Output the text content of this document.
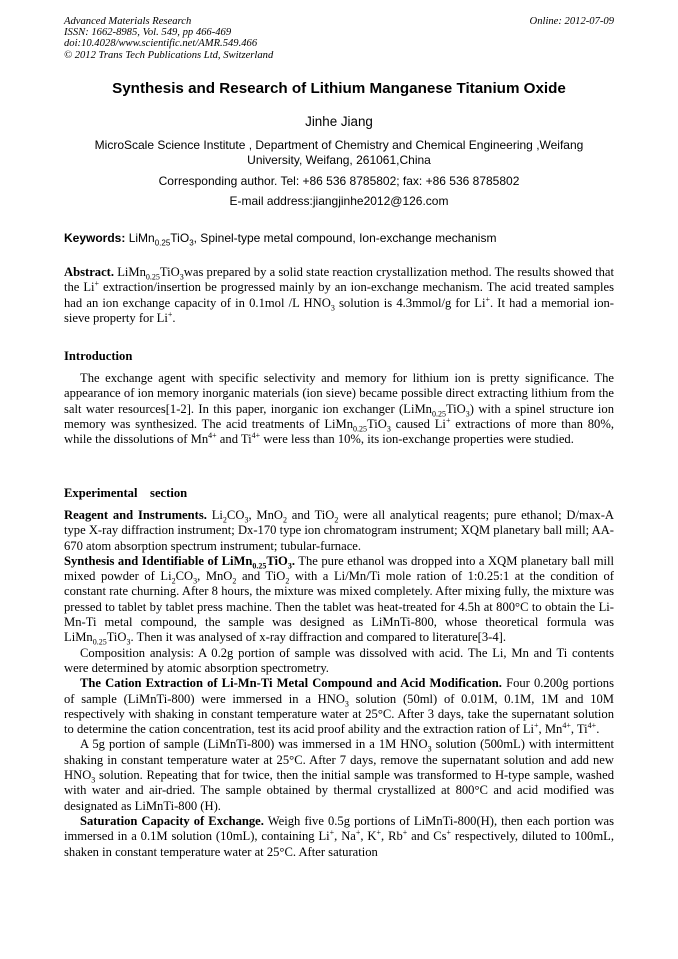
Advanced Materials Research
ISSN: 1662-8985, Vol. 549, pp 466-469
doi:10.4028/www.scientific.net/AMR.549.466
© 2012 Trans Tech Publications Ltd, Switzerland
Online: 2012-07-09
Synthesis and Research of Lithium Manganese Titanium Oxide
Jinhe Jiang
MicroScale Science Institute , Department of Chemistry and Chemical Engineering ,Weifang
University, Weifang, 261061,China
Corresponding author. Tel: +86 536 8785802; fax: +86 536 8785802
E-mail address:jiangjinhe2012@126.com
Keywords: LiMn$_{0.25}$TiO$_3$, Spinel-type metal compound, Ion-exchange mechanism

Abstract. LiMn$_{0.25}$TiO$_3$was prepared by a solid state reaction crystallization method. The results showed that the Li+ extraction/insertion be progressed mainly by an ion-exchange mechanism. The acid treated samples had an ion exchange capacity of in 0.1mol /L $HNO_3$ solution is 4.3mmol/g for Li+. It had a memorial ion-sieve property for Li+.

Introduction

The exchange agent with specific selectivity and memory for lithium ion is pretty significance. The appearance of ion memory inorganic materials (ion sieve) became possible direct extracting lithium from the salt water resources[1-2]. In this paper, inorganic ion exchanger (LiMn$_{0.25}$TiO$_3$) with a spinel structure ion memory was synthesized. The acid treatments of LiMn$_{0.25}$TiO$_3$ caused Li+ extractions of more than 80%, while the dissolutions of $Mn^{4+}$ and $Ti^{4+}$ were less than 10%, its ion-exchange properties were studied.

Experimental    section

Reagent and Instruments. $Li_2CO_3$, MnO$_2$ and TiO$_2$ were all analytical reagents; pure ethanol; D/max-A type X-ray diffraction instrument; Dx-170 type ion chromatogram instrument; XQM planetary ball mill; AA-670 atom absorption spectrum instrument; tubular-furnace.

Synthesis and Identifiable of LiMn$_{0.25}$TiO$_3$. The pure ethanol was dropped into a XQM planetary ball mill mixed powder of $Li_2CO_3$, MnO$_2$ and TiO$_2$ with a Li/Mn/Ti mole ration of 1:0.25:1 at the condition of constant rate churning. After 8 hours, the mixture was mixed completely. After mixing fully, the mixture was pressed to tablet by tablet press machine. Then the tablet was heat-treated for 4.5h at 800°C to obtain the Li-Mn-Ti metal compound, the sample was designed as LiMnTi-800, whose theoretical formula was LiMn$_{0.25}$TiO$_3$. Then it was analysed of x-ray diffraction and compared to literature[3-4].

Composition analysis: A 0.2g portion of sample was dissolved with acid. The Li, Mn and Ti contents were determined by atomic absorption spectrometry.

The Cation Extraction of Li-Mn-Ti Metal Compound and Acid Modification. Four 0.200g portions of sample (LiMnTi-800) were immersed in a $HNO_3$ solution (50ml) of 0.01M, 0.1M, 1M and 10M respectively with shaking in constant temperature water at 25°C. After 3 days, take the supernatant solution to determine the cation concentration, test its acid proof ability and the extraction ration of Li+, $Mn^{4+}$, $Ti^{4+}$.

A 5g portion of sample (LiMnTi-800) was immersed in a 1M $HNO_3$ solution (500mL) with intermittent shaking in constant temperature water at 25°C. After 7 days, remove the supernatant solution and add new $HNO_3$ solution. Repeating that for twice, then the initial sample was transformed to H-type sample, washed with water and air-dried. The sample obtained by thermal crystallized at 800°C and acid modified was designated as LiMnTi-800 (H).

Saturation Capacity of Exchange. Weigh five 0.5g portions of LiMnTi-800(H), then each portion was immersed in a 0.1M solution (10mL), containing Li+, Na+, K+, Rb+ and Cs+ respectively, diluted to 100mL, shaken in constant temperature water at 25°C. After saturation
